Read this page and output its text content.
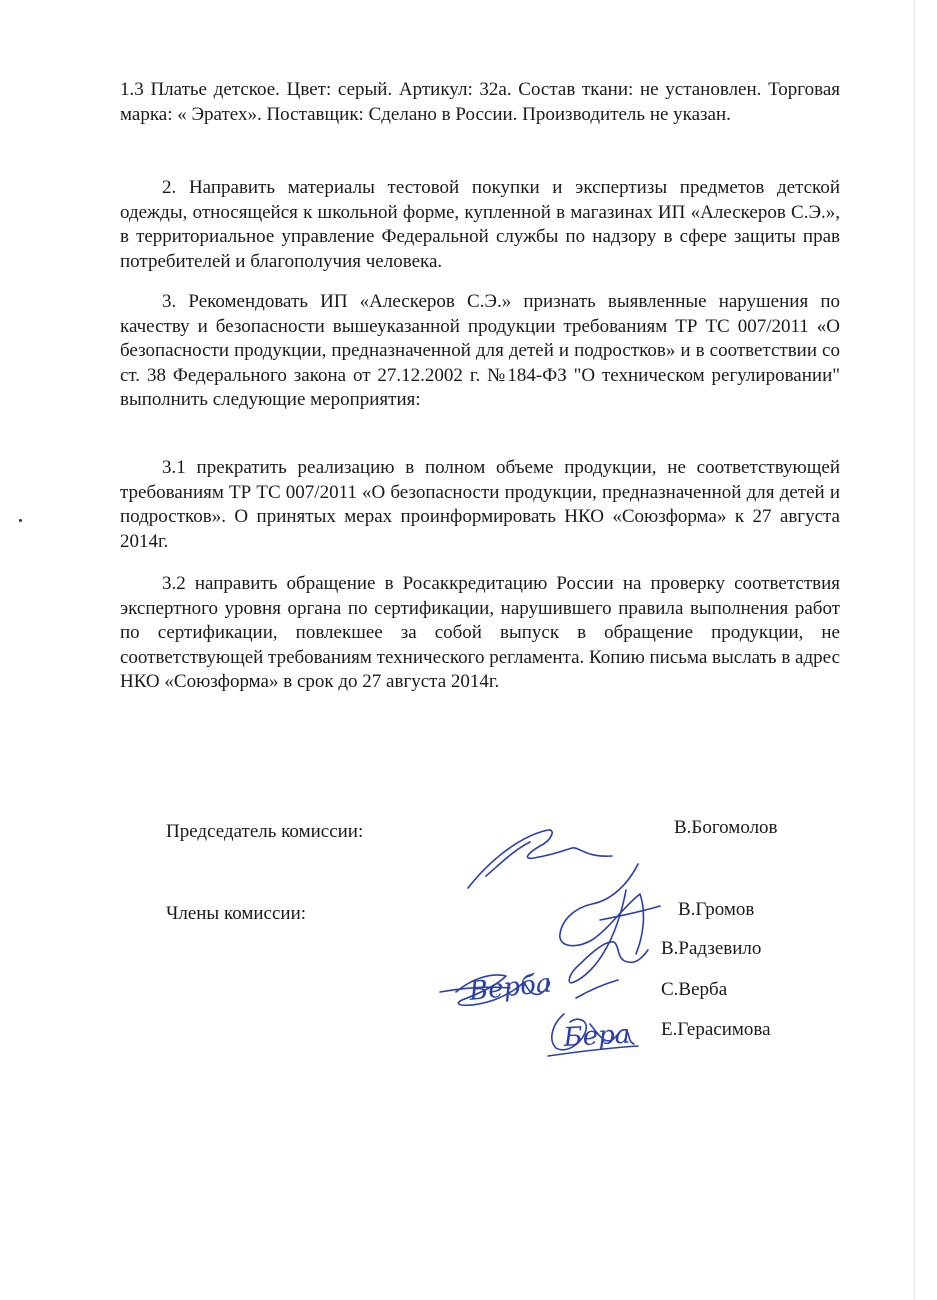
1.3 Платье детское. Цвет: серый. Артикул: 32а. Состав ткани: не установлен. Торговая марка: « Эратех». Поставщик: Сделано в России. Производитель не указан.
2. Направить материалы тестовой покупки и экспертизы предметов детской одежды, относящейся к школьной форме, купленной в магазинах ИП «Алескеров С.Э.», в территориальное управление Федеральной службы по надзору в сфере защиты прав потребителей и благополучия человека.
3. Рекомендовать ИП «Алескеров С.Э.» признать выявленные нарушения по качеству и безопасности вышеуказанной продукции требованиям ТР ТС 007/2011 «О безопасности продукции, предназначенной для детей и подростков» и в соответствии со ст. 38 Федерального закона от 27.12.2002 г. №184-ФЗ "О техническом регулировании" выполнить следующие мероприятия:
3.1 прекратить реализацию в полном объеме продукции, не соответствующей требованиям ТР ТС 007/2011 «О безопасности продукции, предназначенной для детей и подростков». О принятых мерах проинформировать НКО «Союзформа» к 27 августа 2014г.
3.2 направить обращение в Росаккредитацию России на проверку соответствия экспертного уровня органа по сертификации, нарушившего правила выполнения работ по сертификации, повлекшее за собой выпуск в обращение продукции, не соответствующей требованиям технического регламента. Копию письма выслать в адрес НКО «Союзформа» в срок до 27 августа 2014г.
Председатель комиссии:	В.Богомолов
Члены комиссии:	В.Громов
В.Радзевило
С.Верба
Е.Герасимова
Верба
Бера
